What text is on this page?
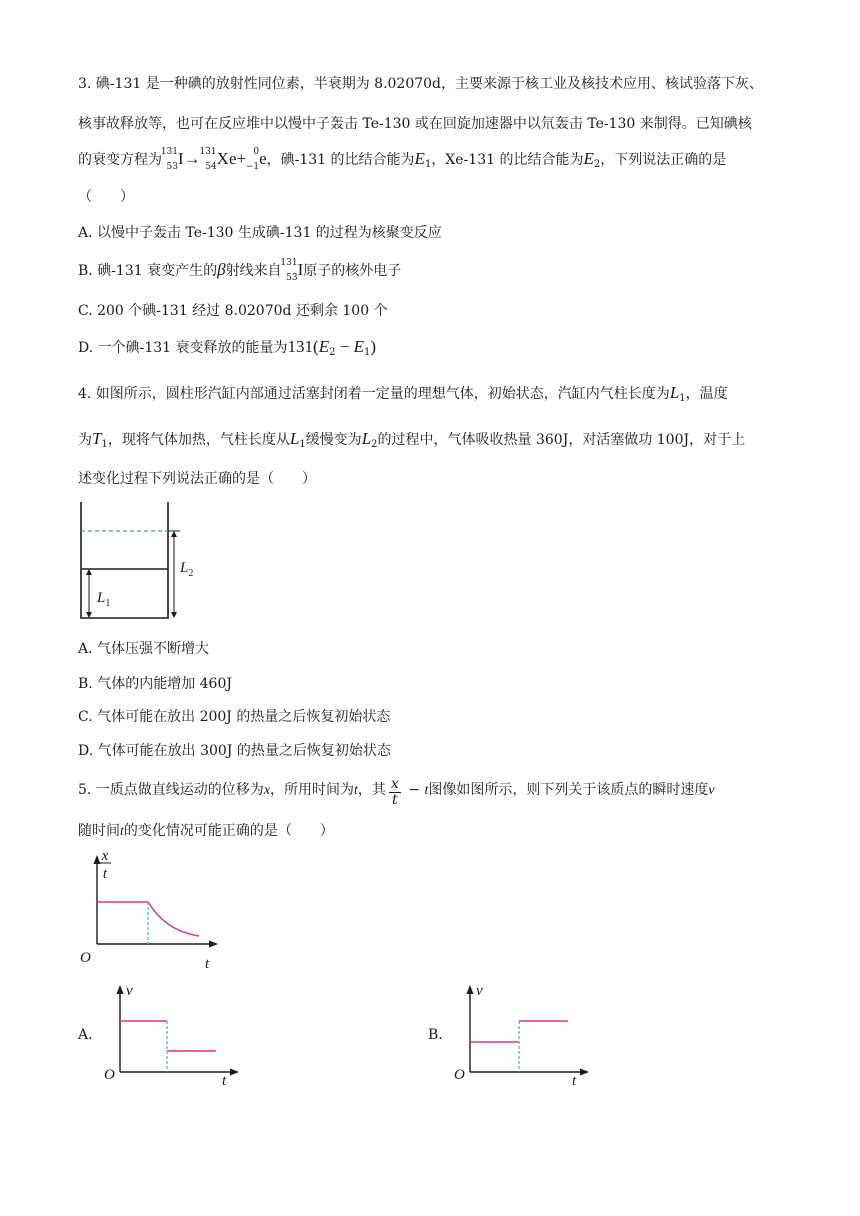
3. 碘-131 是一种碘的放射性同位素，半衰期为 8.02070d，主要来源于核工业及核技术应用、核试验落下灰、
核事故释放等，也可在反应堆中以慢中子轰击 Te-130 或在回旋加速器中以氘轰击 Te-130 来制得。已知碘核
的衰变方程为
131
53 I→
131
54 Xe+ 0
−1 e，碘-131 的比结合能为$E_1$，Xe-131 的比结合能为$E_2$，下列说法正确的是
（　　）
A. 以慢中子轰击 Te-130 生成碘-131 的过程为核聚变反应
B. 碘-131 衰变产生的β射线来自
131
53 I原子的核外电子
C. 200 个碘-131 经过 8.02070d 还剩余 100 个
D. 一个碘-131 衰变释放的能量为$131(E_2 - E_1)$
4. 如图所示，圆柱形汽缸内部通过活塞封闭着一定量的理想气体，初始状态，汽缸内气柱长度为$L_1$，温度
为$T_1$，现将气体加热，气柱长度从$L_1$缓慢变为$L_2$的过程中，气体吸收热量 360J，对活塞做功 100J，对于上
述变化过程下列说法正确的是（　　）
$L_1$
$L_2$
A. 气体压强不断增大
B. 气体的内能增加 460J
C. 气体可能在放出 200J 的热量之后恢复初始状态
D. 气体可能在放出 300J 的热量之后恢复初始状态
5. 一质点做直线运动的位移为x，所用时间为t，其 $\frac{x}{t} - t$图像如图所示，则下列关于该质点的瞬时速度v
随时间t的变化情况可能正确的是（　　）
x
t
O	t
A.
v
O	t
B.
v
O	t
